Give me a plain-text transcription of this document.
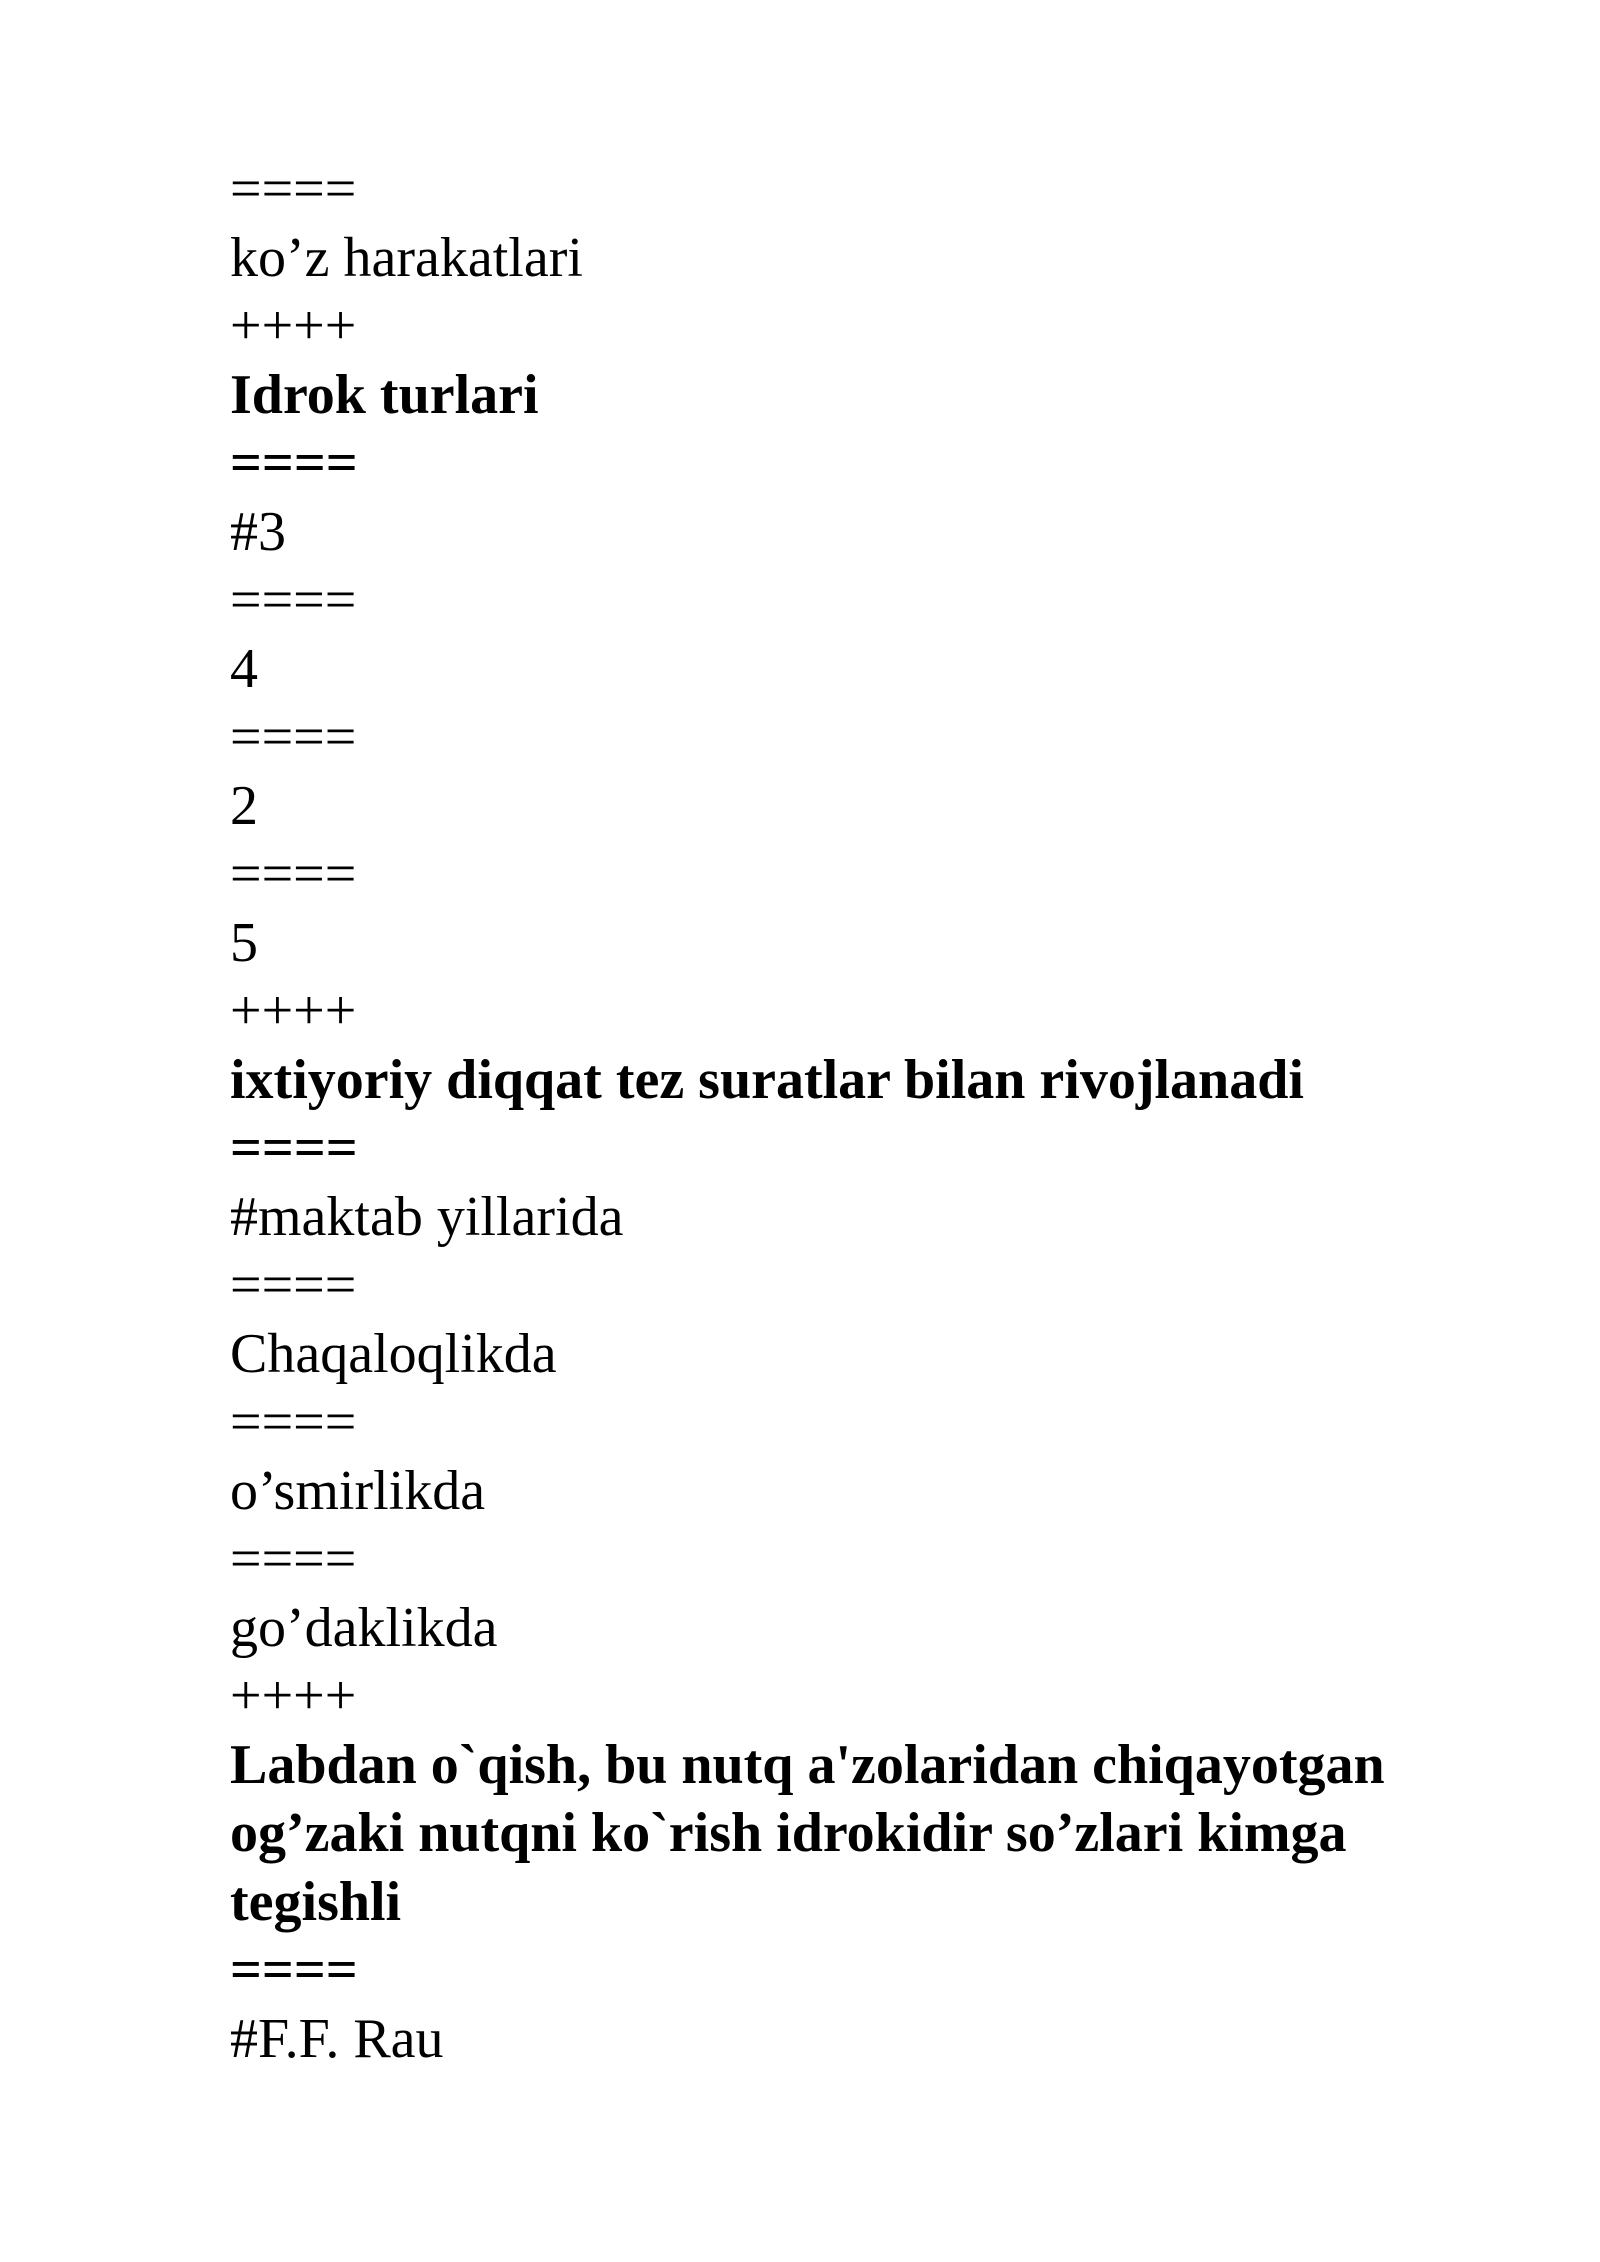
====

ko’z harakatlari

++++

Idrok turlari

====

#3

====

4

====

2

====

5

++++

ixtiyoriy diqqat tez suratlar bilan rivojlanadi

====

#maktab yillarida

====

Chaqaloqlikda

====

o’smirlikda

====

go’daklikda

++++

Labdan o`qish, bu nutq a'zolaridan chiqayotgan og’zaki nutqni ko`rish idrokidir so’zlari kimga tegishli

====

#F.F. Rau
